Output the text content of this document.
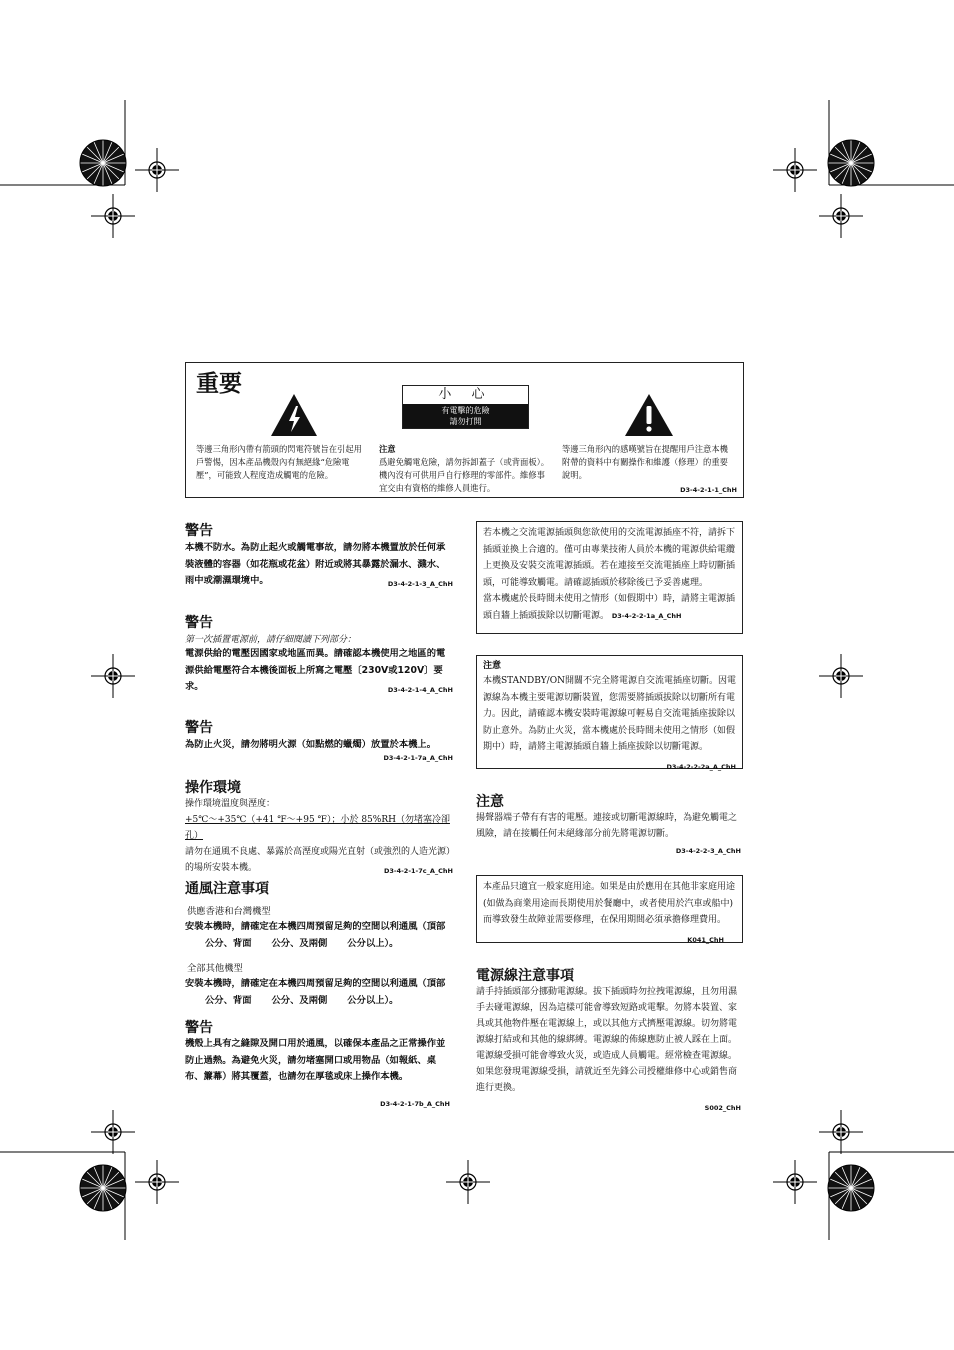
重要	小 心
有電擊的危險
請勿打開
等邊三角形內帶有箭頭的閃電符號旨在引起用戶警惕，因本產品機殼內有無絕緣“危險電壓”，可能致人程度造成觸電的危險。
注意
爲避免觸電危險，請勿拆卸蓋子（或背面板）。機內沒有可供用戶自行修理的零部件。維修事宜交由有資格的維修人員進行。
等邊三角形內的感嘆號旨在提醒用戶注意本機附帶的資料中有關操作和維護（修理）的重要說明。
D3-4-2-1-1_ChH
警告
本機不防水。為防止起火或觸電事故，請勿將本機置放於任何承裝液體的容器（如花瓶或花盆）附近或將其暴露於漏水、濺水、雨中或潮濕環境中。	D3-4-2-1-3_A_ChH
警告
第一次插置電源前，請仔細閱讀下列部分：
電源供給的電壓因國家或地區而異。請確認本機使用之地區的電源供給電壓符合本機後面板上所寫之電壓〔230V或120V〕要求。	D3-4-2-1-4_A_ChH
警告
為防止火災，請勿將明火源（如點燃的蠟燭）放置於本機上。
D3-4-2-1-7a_A_ChH
操作環境
操作環境溫度與溼度：
+5℃～+35℃（+41 ℉～+95 ℉）；小於 85%RH（勿堵塞冷卻孔）
請勿在通風不良處、暴露於高溼度或陽光直射（或強烈的人造光源）的場所安裝本機。	D3-4-2-1-7c_A_ChH
通風注意事項
供應香港和台灣機型
安裝本機時，請確定在本機四周預留足夠的空間以利通風（頂部公分、背面 公分、及兩側 公分以上）。
全部其他機型
安裝本機時，請確定在本機四周預留足夠的空間以利通風（頂部公分、背面 公分、及兩側 公分以上）。
警告
機殼上具有之縫隙及開口用於通風，以確保本產品之正常操作並防止過熱。為避免火災，請勿堵塞開口或用物品（如報紙、桌布、簾幕）將其覆蓋，也請勿在厚毯或床上操作本機。
D3-4-2-1-7b_A_ChH
若本機之交流電源插頭與您欲使用的交流電源插座不符，請拆下插頭並換上合適的。僅可由專業技術人員於本機的電源供給電纜上更換及安裝交流電源插頭。若在連接至交流電插座上時切斷插頭，可能導致觸電。請確認插頭於移除後已予妥善處理。
當本機處於長時間未使用之情形（如假期中）時，請將主電源插頭自牆上插頭拔除以切斷電源。 D3-4-2-2-1a_A_ChH
注意
本機STANDBY/ON開關不完全將電源自交流電插座切斷。因電源線為本機主要電源切斷裝置，您需要將插頭拔除以切斷所有電力。因此，請確認本機安裝時電源線可輕易自交流電插座拔除以防止意外。為防止火災，當本機處於長時間未使用之情形（如假期中）時，請將主電源插頭自牆上插座拔除以切斷電源。
D3-4-2-2-2a_A_ChH
注意
揚聲器端子帶有有害的電壓。連接或切斷電源線時，為避免觸電之風險，請在接觸任何未絕緣部分前先將電源切斷。
D3-4-2-2-3_A_ChH
本產品只適宜一般家庭用途。如果是由於應用在其他非家庭用途(如做為商業用途而長期使用於餐廳中，或者使用於汽車或船中)而導致發生故障並需要修理，在保用期間必須承擔修理費用。
K041_ChH
電源線注意事項
請手持插頭部分挪動電源線。拔下插頭時勿拉拽電源線，且勿用濕手去碰電源線，因為這樣可能會導致短路或電擊。勿將本裝置、家具或其他物件壓在電源線上，或以其他方式擠壓電源線。切勿將電源線打結或和其他的線綁縛。電源線的佈線應防止被人踩在上面。電源線受損可能會導致火災，或造成人員觸電。經常檢查電源線。如果您發現電源線受損，請就近至先鋒公司授權維修中心或銷售商進行更換。
S002_ChH
